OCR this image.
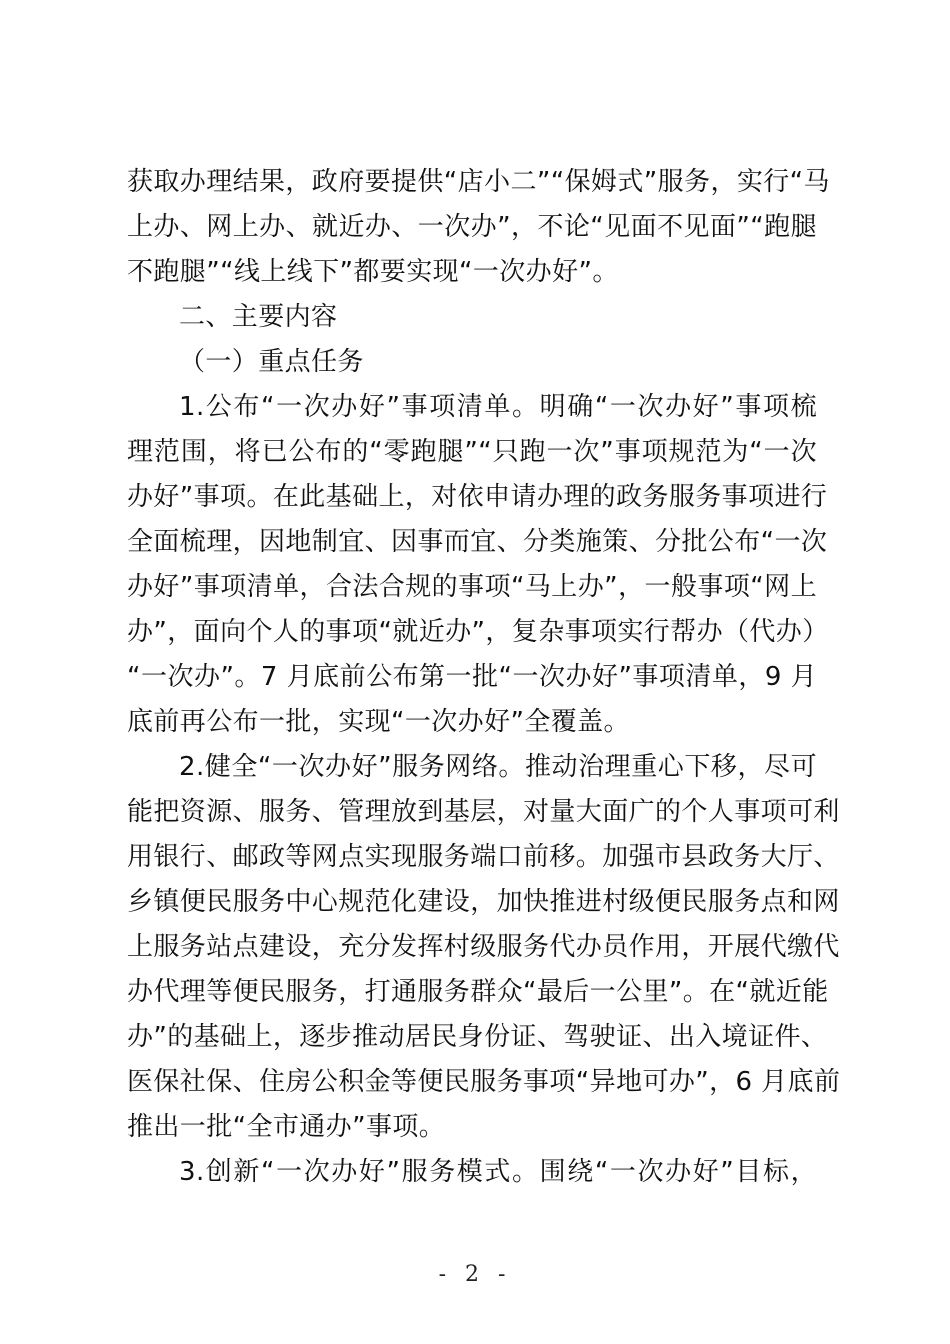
获取办理结果，政府要提供“店小二”“保姆式”服务，实行“马
上办、网上办、就近办、一次办”，不论“见面不见面”“跑腿
不跑腿”“线上线下”都要实现“一次办好”。
二、主要内容
（一）重点任务
1.公布“一次办好”事项清单。明确“一次办好”事项梳
理范围，将已公布的“零跑腿”“只跑一次”事项规范为“一次
办好”事项。在此基础上，对依申请办理的政务服务事项进行
全面梳理，因地制宜、因事而宜、分类施策、分批公布“一次
办好”事项清单，合法合规的事项“马上办”，一般事项“网上
办”，面向个人的事项“就近办”，复杂事项实行帮办（代办）
“一次办”。7 月底前公布第一批“一次办好”事项清单，9 月
底前再公布一批，实现“一次办好”全覆盖。
2.健全“一次办好”服务网络。推动治理重心下移，尽可
能把资源、服务、管理放到基层，对量大面广的个人事项可利
用银行、邮政等网点实现服务端口前移。加强市县政务大厅、
乡镇便民服务中心规范化建设，加快推进村级便民服务点和网
上服务站点建设，充分发挥村级服务代办员作用，开展代缴代
办代理等便民服务，打通服务群众“最后一公里”。在“就近能
办”的基础上，逐步推动居民身份证、驾驶证、出入境证件、
医保社保、住房公积金等便民服务事项“异地可办”，6 月底前
推出一批“全市通办”事项。
3.创新“一次办好”服务模式。围绕“一次办好”目标，
- 2 -
